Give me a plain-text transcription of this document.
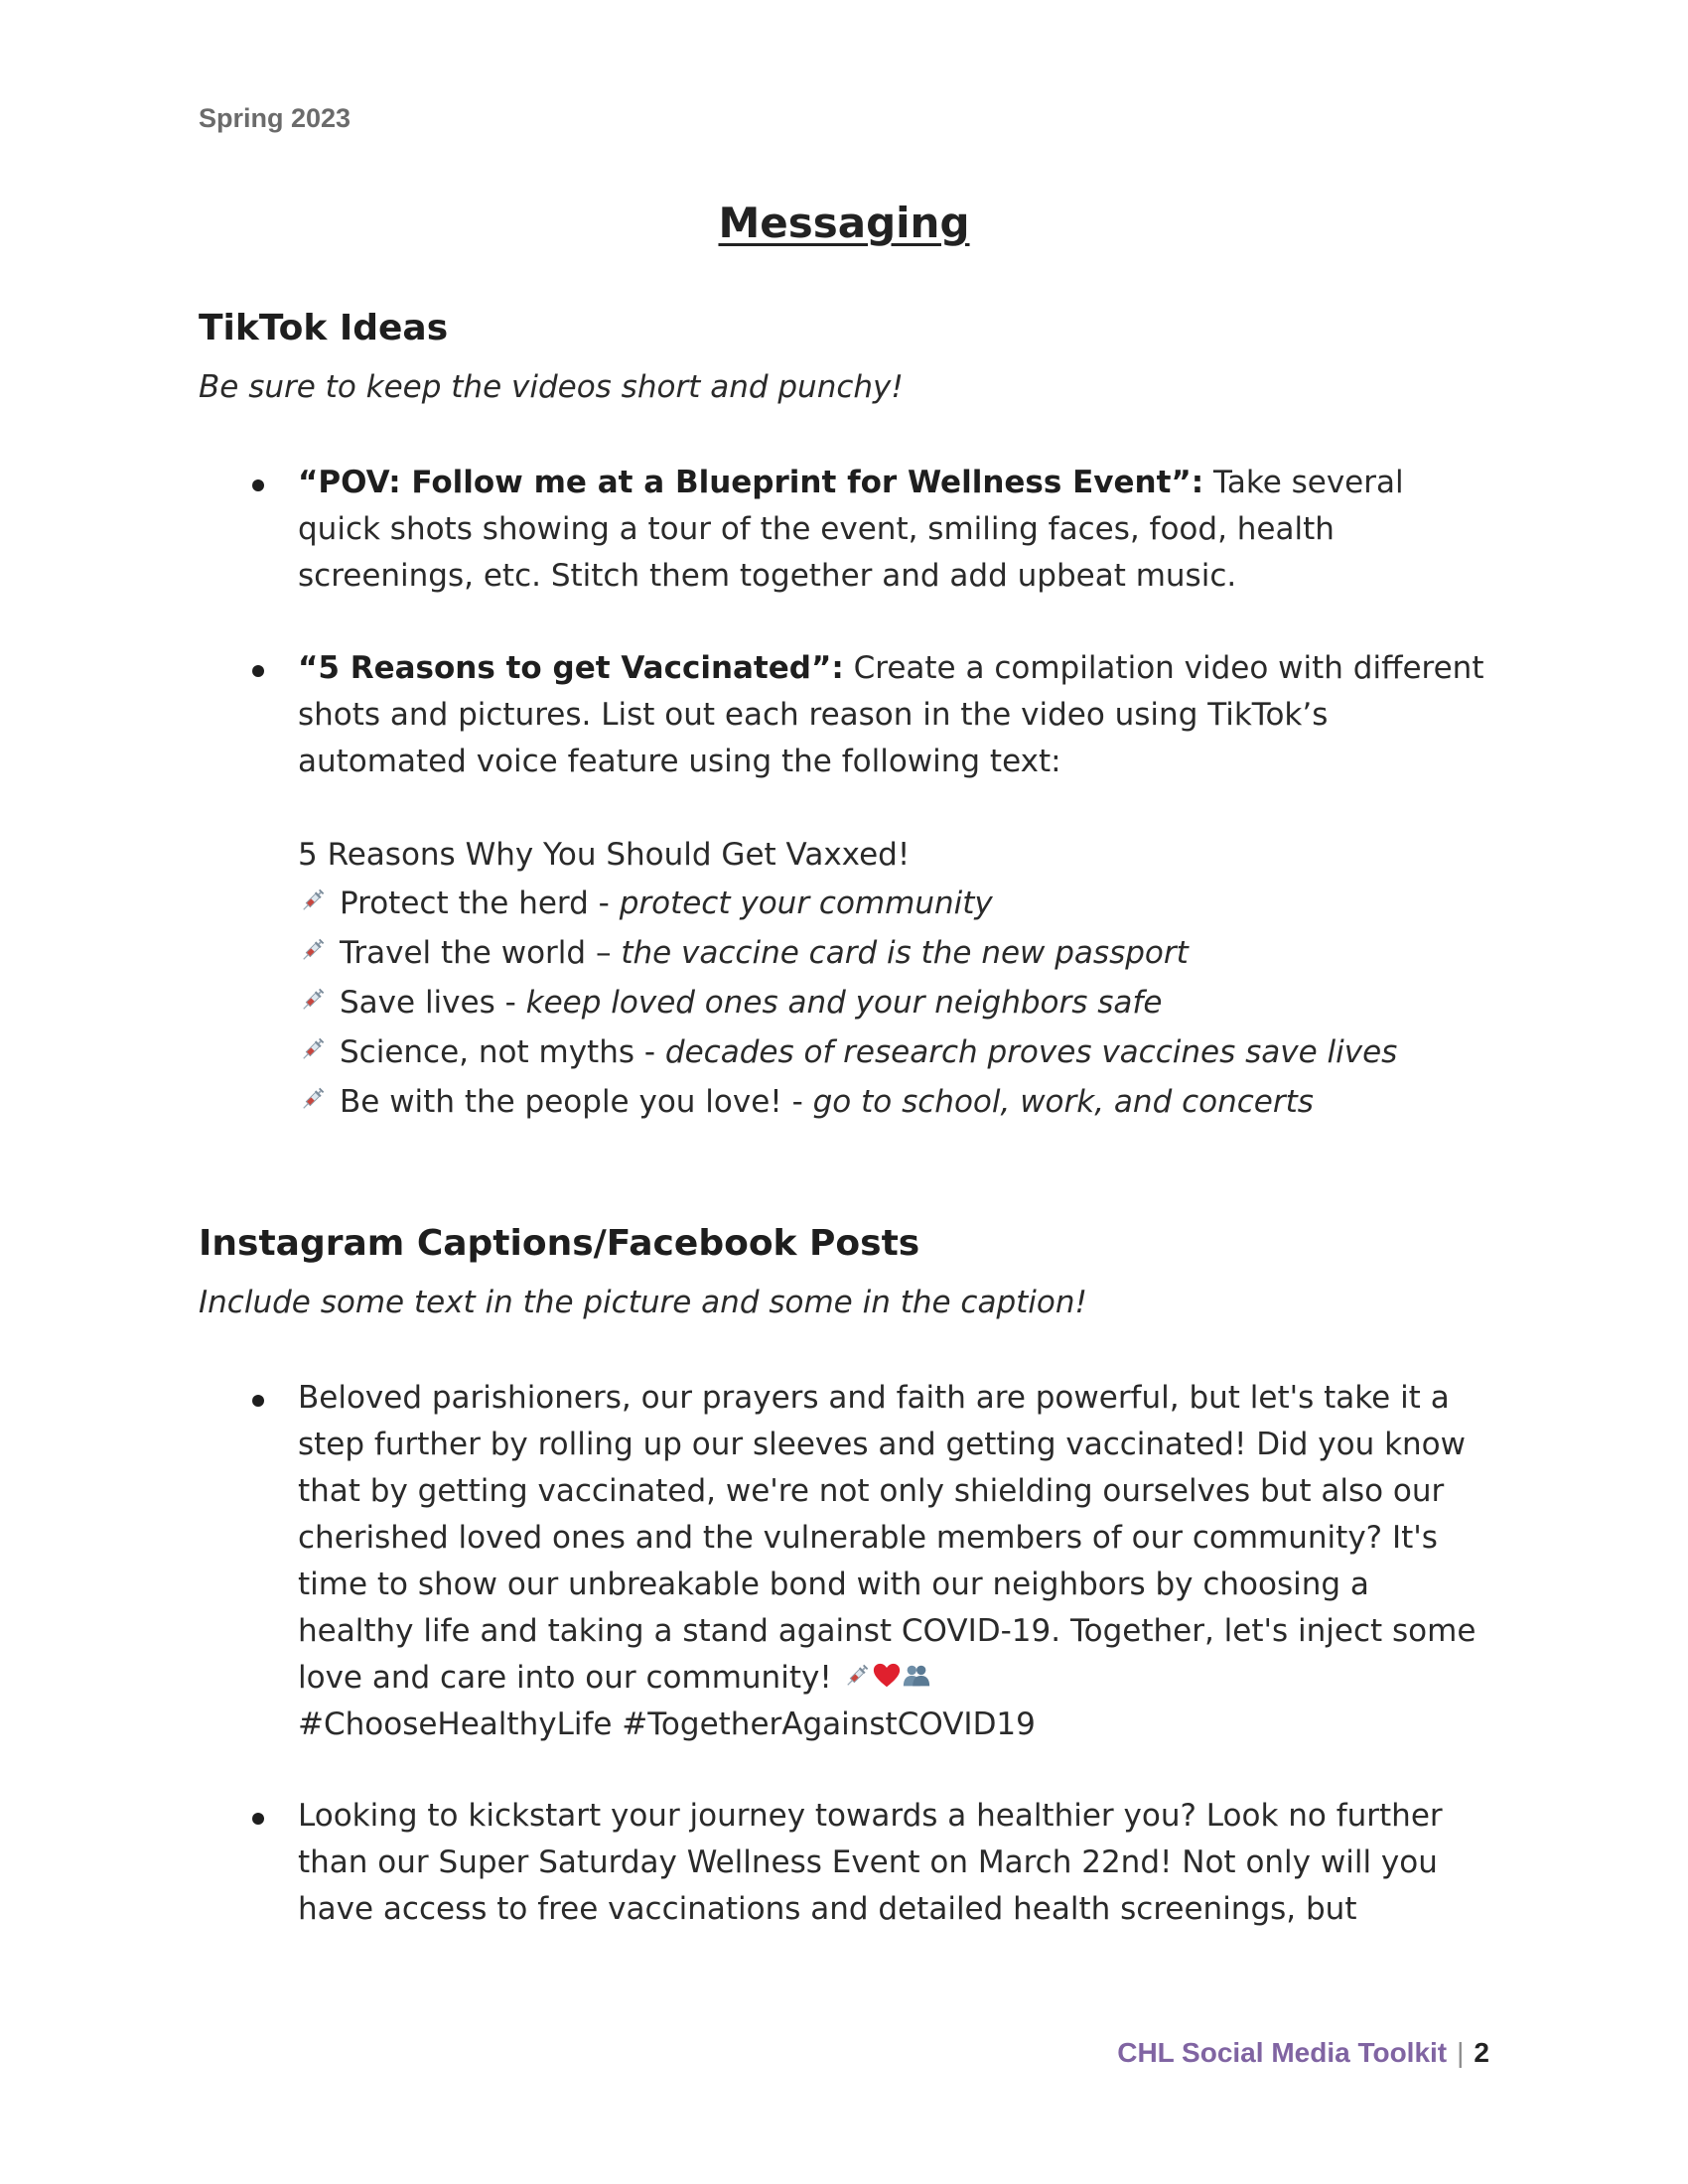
Spring 2023
Messaging
TikTok Ideas
Be sure to keep the videos short and punchy!
“POV: Follow me at a Blueprint for Wellness Event”: Take several quick shots showing a tour of the event, smiling faces, food, health screenings, etc. Stitch them together and add upbeat music.
“5 Reasons to get Vaccinated”: Create a compilation video with different shots and pictures. List out each reason in the video using TikTok’s automated voice feature using the following text:
5 Reasons Why You Should Get Vaxxed!
Protect the herd - protect your community
Travel the world – the vaccine card is the new passport
Save lives - keep loved ones and your neighbors safe
Science, not myths - decades of research proves vaccines save lives
Be with the people you love! - go to school, work, and concerts
Instagram Captions/Facebook Posts
Include some text in the picture and some in the caption!
Beloved parishioners, our prayers and faith are powerful, but let's take it a step further by rolling up our sleeves and getting vaccinated! Did you know that by getting vaccinated, we're not only shielding ourselves but also our cherished loved ones and the vulnerable members of our community? It's time to show our unbreakable bond with our neighbors by choosing a healthy life and taking a stand against COVID-19. Together, let's inject some love and care into our community!
#ChooseHealthyLife #TogetherAgainstCOVID19
Looking to kickstart your journey towards a healthier you? Look no further than our Super Saturday Wellness Event on March 22nd! Not only will you have access to free vaccinations and detailed health screenings, but
CHL Social Media Toolkit | 2
